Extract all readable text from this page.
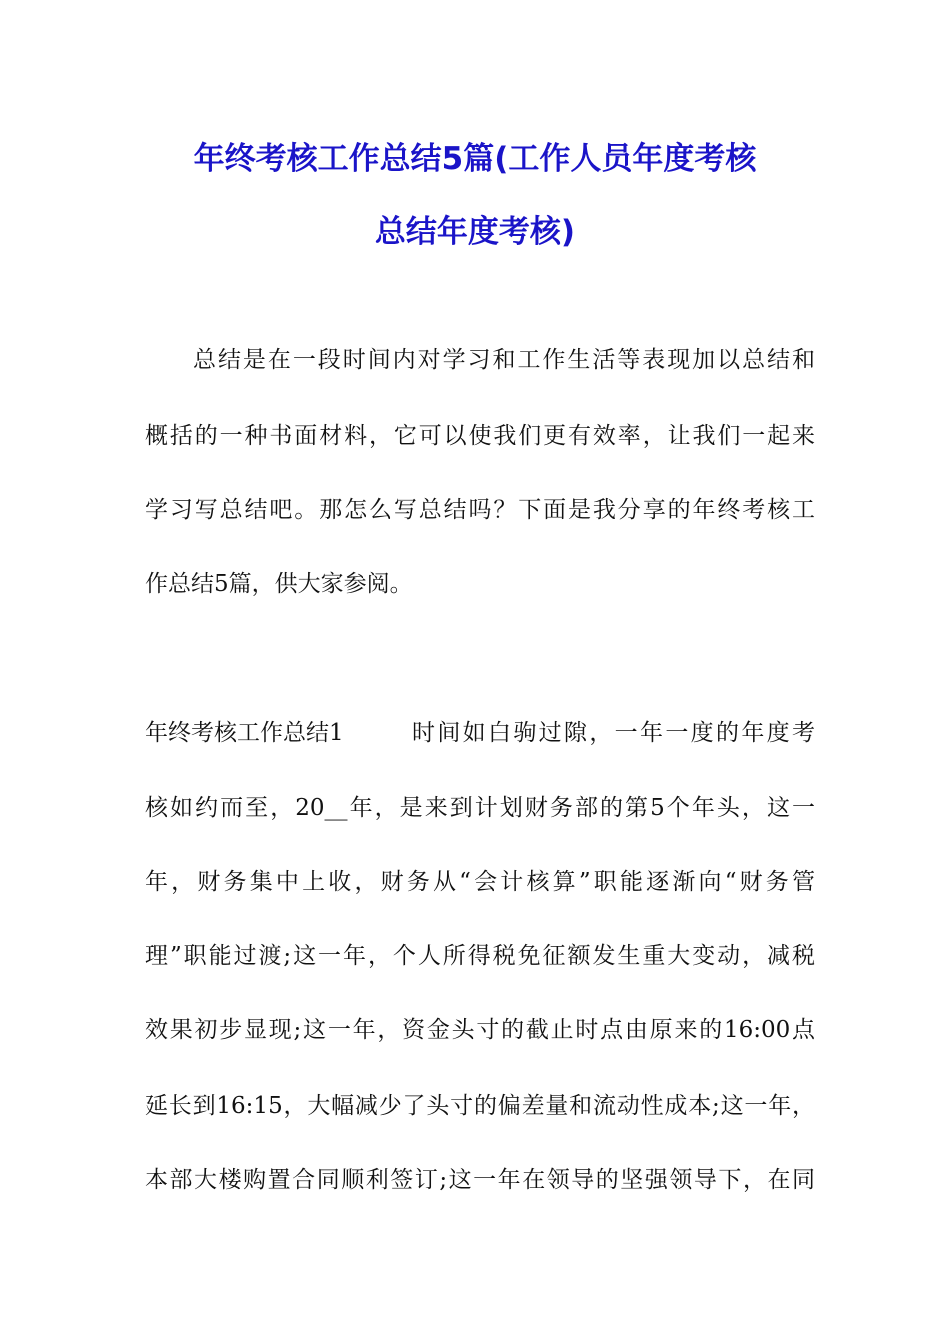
年终考核工作总结5篇(工作人员年度考核
总结年度考核)
总结是在一段时间内对学习和工作生活等表现加以总结和
概括的一种书面材料，它可以使我们更有效率，让我们一起来
学习写总结吧。那怎么写总结吗？下面是我分享的年终考核工
作总结5篇，供大家参阅。
年终考核工作总结1	时间如白驹过隙，一年一度的年度考
核如约而至，20__年，是来到计划财务部的第5个年头，这一
年，财务集中上收，财务从“会计核算”职能逐渐向“财务管
理”职能过渡;这一年，个人所得税免征额发生重大变动，减税
效果初步显现;这一年，资金头寸的截止时点由原来的16:00点
延长到16:15，大幅减少了头寸的偏差量和流动性成本;这一年，
本部大楼购置合同顺利签订;这一年在领导的坚强领导下，在同
